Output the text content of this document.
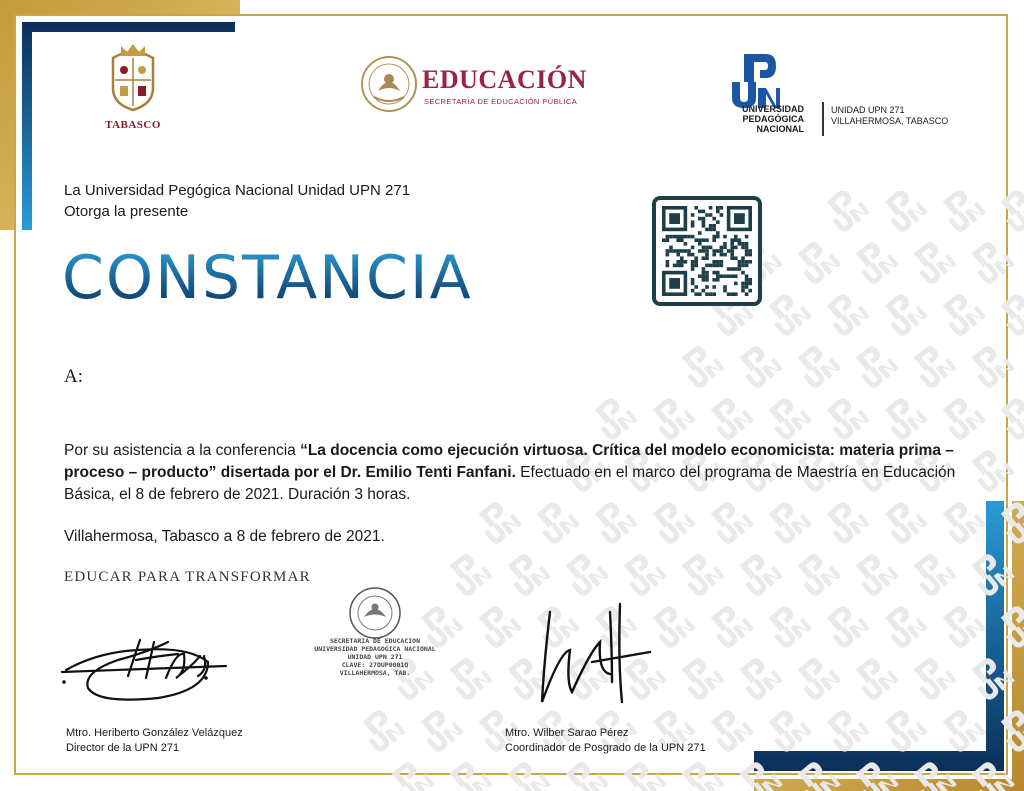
TABASCO
EDUCACIÓN
SECRETARÍA DE EDUCACIÓN PÚBLICA
UNIVERSIDAD
PEDAGÓGICA
NACIONAL
UNIDAD UPN 271
VILLAHERMOSA, TABASCO
La Universidad Pegógica Nacional Unidad UPN 271
Otorga la presente
CONSTANCIA
A:
Por su asistencia a la conferencia “La docencia como ejecución virtuosa. Crítica del modelo economicista: materia prima – proceso – producto” disertada por el Dr. Emilio Tenti Fanfani. Efectuado en el marco del programa de Maestría en Educación Básica, el 8 de febrero de 2021. Duración 3 horas.
Villahermosa, Tabasco a 8 de febrero de 2021.
EDUCAR PARA TRANSFORMAR
Mtro. Heriberto González Velázquez
Director de la UPN 271
SECRETARIA DE EDUCACION
UNIVERSIDAD PEDAGOGICA NACIONAL
UNIDAD UPN 271
CLAVE: 27DUP0001Q
VILLAHERMOSA, TAB.
Mtro. Wilber Sarao Pérez
Coordinador de Posgrado de la UPN 271
